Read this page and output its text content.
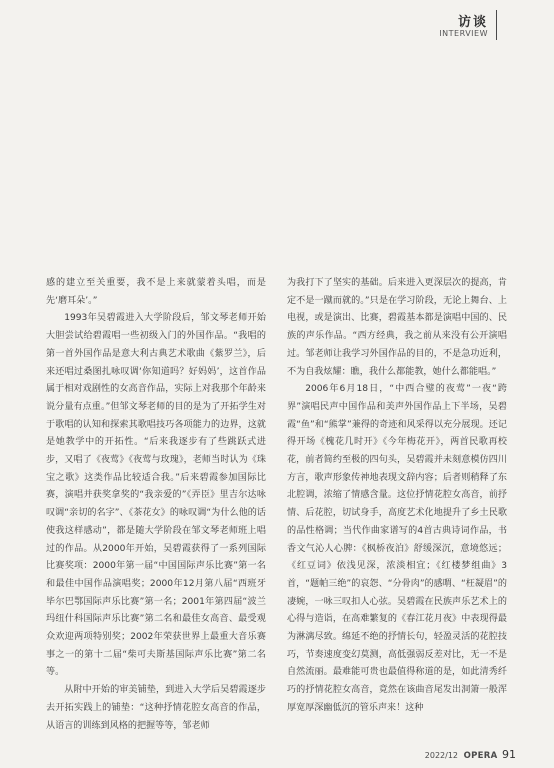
访谈
INTERVIEW

感的建立至关重要，我不是上来就蒙着头唱，而是先‘磨耳朵’。”

1993年吴碧霞进入大学阶段后，邹文琴老师开始大胆尝试给碧霞唱一些初级入门的外国作品。“我唱的第一首外国作品是意大利古典艺术歌曲《紫罗兰》，后来还唱过桑图扎咏叹调‘你知道吗？好妈妈’，这首作品属于相对戏剧性的女高音作品，实际上对我那个年龄来说分量有点重。”但邹文琴老师的目的是为了开拓学生对于歌唱的认知和探索其歌唱技巧各项能力的边界，这就是她教学中的开拓性。“后来我逐步有了些跳跃式进步，又唱了《夜莺》《夜莺与玫瑰》，老师当时认为《珠宝之歌》这类作品比较适合我。”后来碧霞参加国际比赛，演唱并获奖拿奖的“我亲爱的”《弄臣》里吉尔达咏叹调“亲切的名字”、《茶花女》的咏叹调“为什么他的话使我这样感动”，都是随大学阶段在邹文琴老师班上唱过的作品。从2000年开始，吴碧霞获得了一系列国际比赛奖项：2000年第一届“中国国际声乐比赛”第一名和最佳中国作品演唱奖；2000年12月第八届“西班牙毕尔巴鄂国际声乐比赛”第一名；2001年第四届“波兰玛纽什科国际声乐比赛”第二名和最佳女高音、最受观众欢迎两项特别奖；2002年荣获世界上最重大音乐赛事之一的第十二届“柴可夫斯基国际声乐比赛”第二名等。

从附中开始的审美铺垫，到进入大学后吴碧霞逐步去开拓实践上的铺垫：“这种抒情花腔女高音的作品，从语言的训练到风格的把握等等，邹老师

为我打下了坚实的基础。后来进入更深层次的提高，肯定不是一蹴而就的。”只是在学习阶段，无论上舞台、上电视，或是演出、比赛，碧霞基本都是演唱中国的、民族的声乐作品。“西方经典，我之前从来没有公开演唱过。邹老师让我学习外国作品的目的，不是急功近利，不为自我炫耀：瞧，我什么都能教，她什么都能唱。”

2006年6月18日，“中西合璧的夜莺”一夜“跨界”演唱民声中国作品和美声外国作品上下半场，吴碧霞“鱼”和“熊掌”兼得的奇迹和风采得以充分展现。还记得开场《槐花几时开》《今年梅花开》，两首民歌再校花，前者简约至极的四句头，吴碧霞并未刻意模仿四川方言，歌声形象传神地表现文辞内容；后者则稍释了东北腔调，浓缩了情感含量。这位抒情花腔女高音，前抒情、后花腔，切试身手，高度艺术化地提升了乡土民歌的品性格调；当代作曲家谱写的4首古典诗词作品，书香文气沁人心脾：《枫桥夜泊》舒缓深沉，意境悠远；《红豆词》依浅见深，浓淡相宜；《红楼梦组曲》3首，“题帕三绝”的哀怨、“分骨肉”的感喟、“枉凝眉”的凄婉，一咏三叹扣人心弦。吴碧霞在民族声乐艺术上的心得与造诣，在高难繁复的《春江花月夜》中表现得最为淋漓尽致。绵延不绝的抒情长句，轻盈灵活的花腔技巧，节奏速度变幻莫测，高低强弱反差对比，无一不是自然流丽。最难能可贵也最值得称道的是，如此清秀纤巧的抒情花腔女高音，竟然在该曲音尾发出洞箫一般浑厚宽厚深幽低沉的管乐声来！这种

2022/12 OPERA 91
